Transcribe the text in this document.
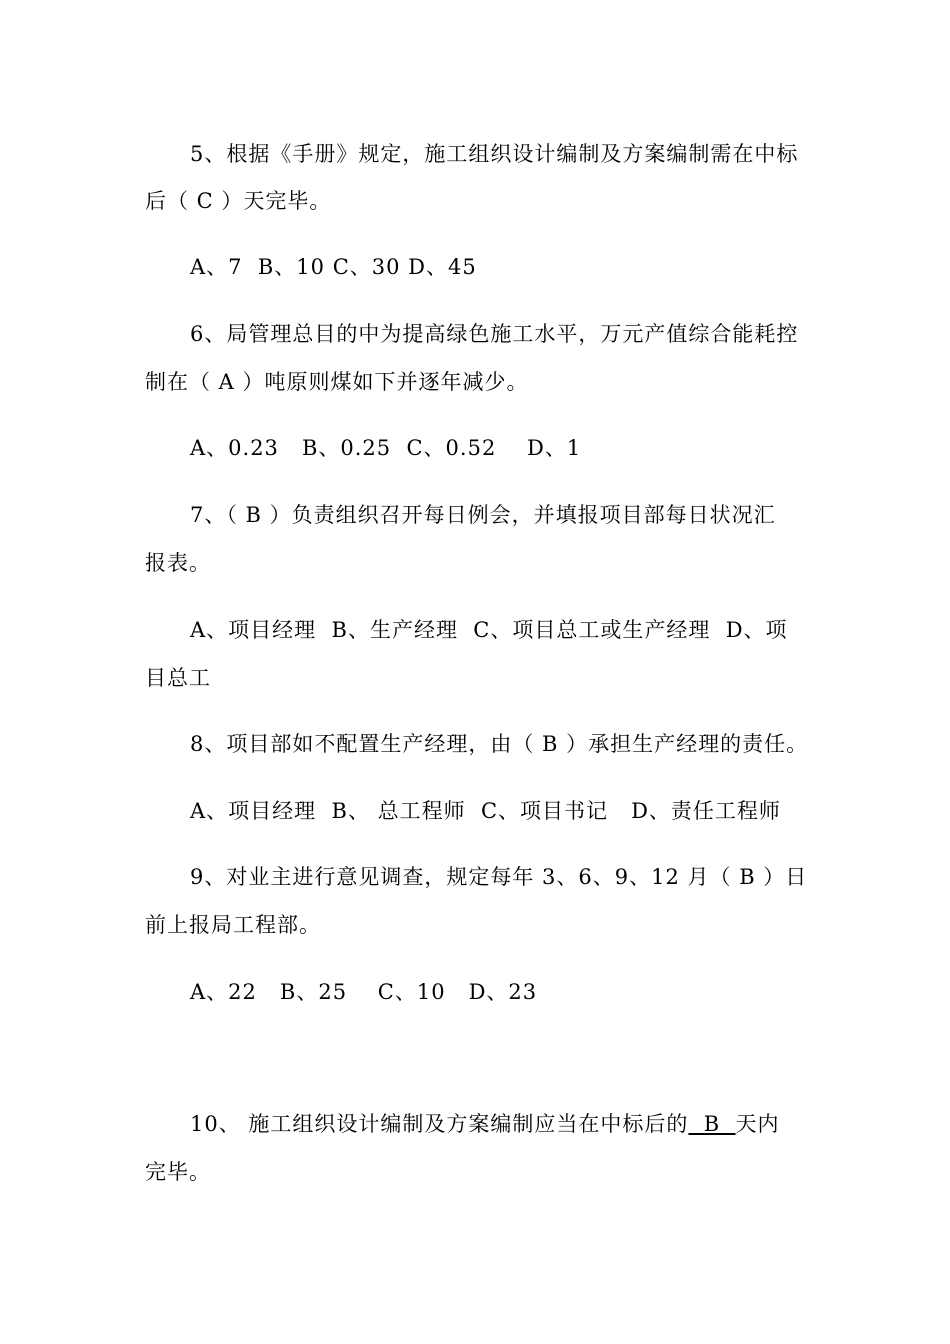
5、根据《手册》规定，施工组织设计编制及方案编制需在中标
后（ C ）天完毕。
A、7  B、10 C、30 D、45
6、局管理总目的中为提高绿色施工水平，万元产值综合能耗控
制在（ A ）吨原则煤如下并逐年减少。
A、0.23   B、0.25  C、0.52    D、1
7、（ B ）负责组织召开每日例会，并填报项目部每日状况汇
报表。
A、项目经理  B、生产经理  C、项目总工或生产经理  D、项
目总工
8、项目部如不配置生产经理，由（ B ）承担生产经理的责任。
A、项目经理  B、 总工程师  C、项目书记   D、责任工程师
9、对业主进行意见调查，规定每年 3、6、9、12 月（ B ）日
前上报局工程部。
A、22   B、25    C、10   D、23
10、 施工组织设计编制及方案编制应当在中标后的  B  天内
完毕。
